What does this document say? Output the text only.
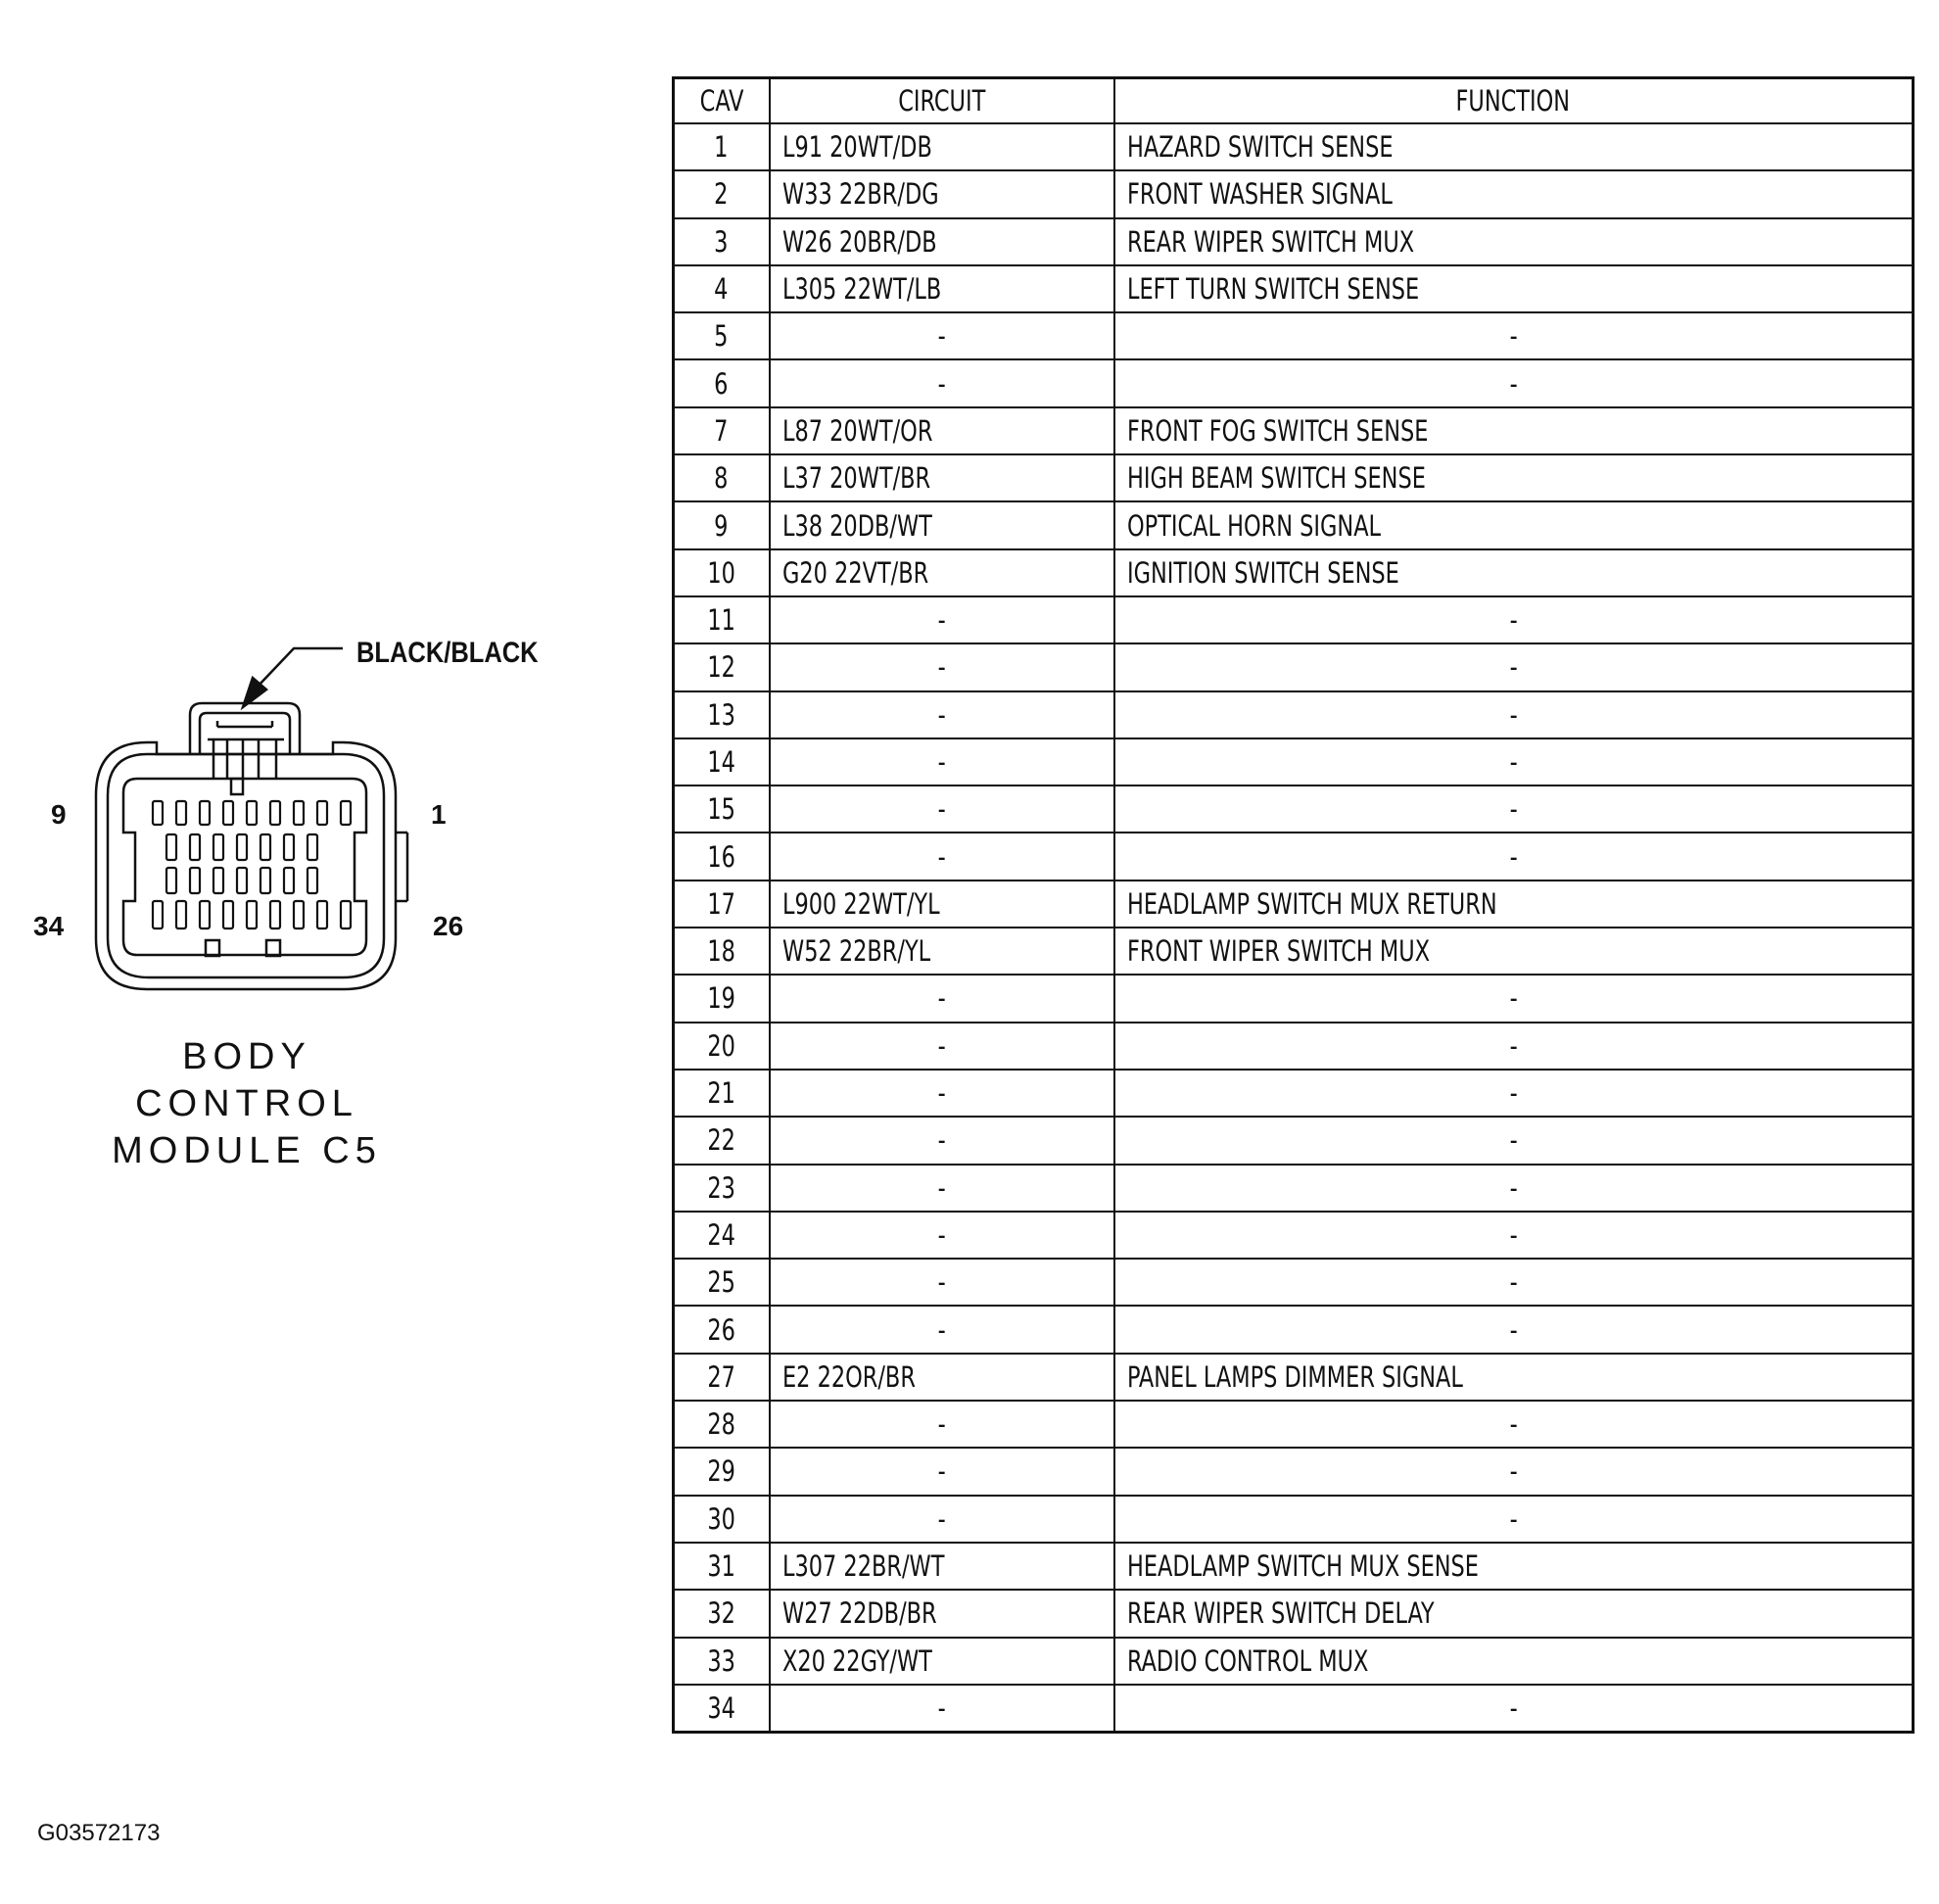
BLACK/BLACK
9	1
34	26
BODY
CONTROL
MODULE C5
CAV	CIRCUIT	FUNCTION
1	L91 20WT/DB	HAZARD SWITCH SENSE
2	W33 22BR/DG	FRONT WASHER SIGNAL
3	W26 20BR/DB	REAR WIPER SWITCH MUX
4	L305 22WT/LB	LEFT TURN SWITCH SENSE
5	-	-
6	-	-
7	L87 20WT/OR	FRONT FOG SWITCH SENSE
8	L37 20WT/BR	HIGH BEAM SWITCH SENSE
9	L38 20DB/WT	OPTICAL HORN SIGNAL
10	G20 22VT/BR	IGNITION SWITCH SENSE
11	-	-
12	-	-
13	-	-
14	-	-
15	-	-
16	-	-
17	L900 22WT/YL	HEADLAMP SWITCH MUX RETURN
18	W52 22BR/YL	FRONT WIPER SWITCH MUX
19	-	-
20	-	-
21	-	-
22	-	-
23	-	-
24	-	-
25	-	-
26	-	-
27	E2 22OR/BR	PANEL LAMPS DIMMER SIGNAL
28	-	-
29	-	-
30	-	-
31	L307 22BR/WT	HEADLAMP SWITCH MUX SENSE
32	W27 22DB/BR	REAR WIPER SWITCH DELAY
33	X20 22GY/WT	RADIO CONTROL MUX
34	-	-
G03572173
